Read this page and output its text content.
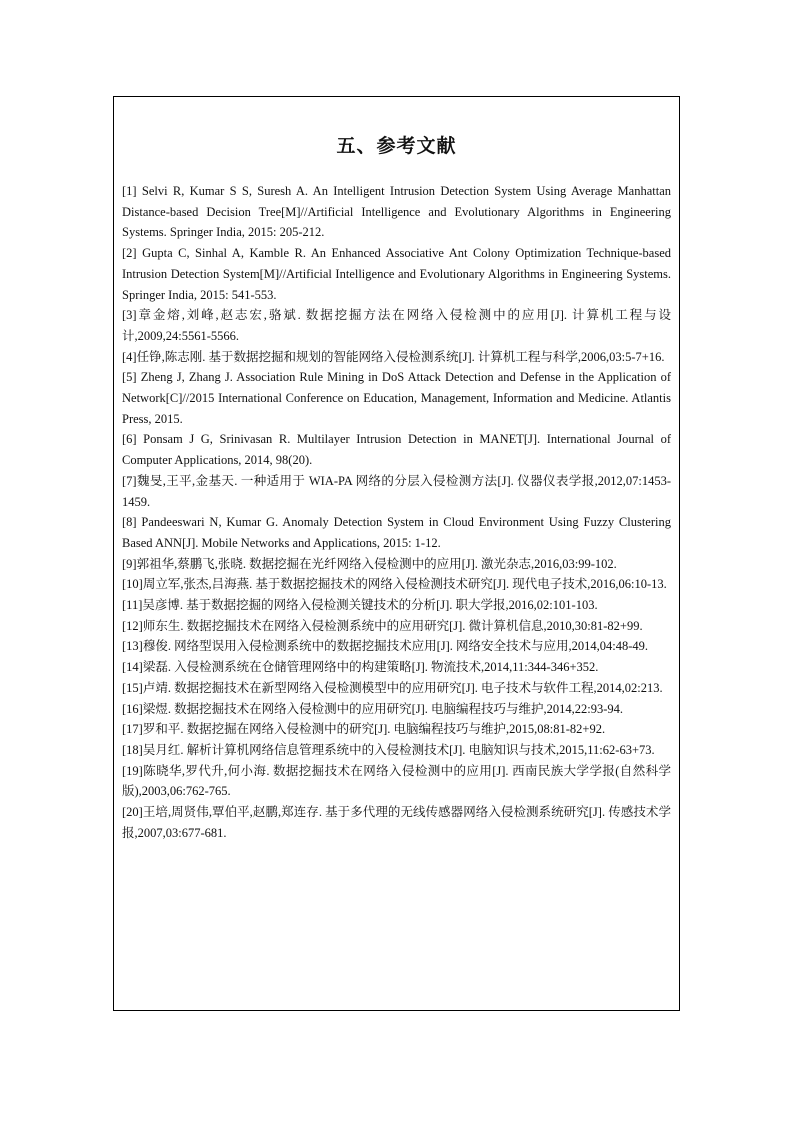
五、参考文献
[1] Selvi R, Kumar S S, Suresh A. An Intelligent Intrusion Detection System Using Average Manhattan Distance-based Decision Tree[M]//Artificial Intelligence and Evolutionary Algorithms in Engineering Systems. Springer India, 2015: 205-212.
[2] Gupta C, Sinhal A, Kamble R. An Enhanced Associative Ant Colony Optimization Technique-based Intrusion Detection System[M]//Artificial Intelligence and Evolutionary Algorithms in Engineering Systems. Springer India, 2015: 541-553.
[3]章金熔,刘峰,赵志宏,骆斌. 数据挖掘方法在网络入侵检测中的应用[J]. 计算机工程与设计,2009,24:5561-5566.
[4]任铮,陈志刚. 基于数据挖掘和规划的智能网络入侵检测系统[J]. 计算机工程与科学,2006,03:5-7+16.
[5] Zheng J, Zhang J. Association Rule Mining in DoS Attack Detection and Defense in the Application of Network[C]//2015 International Conference on Education, Management, Information and Medicine. Atlantis Press, 2015.
[6] Ponsam J G, Srinivasan R. Multilayer Intrusion Detection in MANET[J]. International Journal of Computer Applications, 2014, 98(20).
[7]魏旻,王平,金基天. 一种适用于 WIA-PA 网络的分层入侵检测方法[J]. 仪器仪表学报,2012,07:1453-1459.
[8] Pandeeswari N, Kumar G. Anomaly Detection System in Cloud Environment Using Fuzzy Clustering Based ANN[J]. Mobile Networks and Applications, 2015: 1-12.
[9]郭祖华,蔡鹏飞,张晓. 数据挖掘在光纤网络入侵检测中的应用[J]. 激光杂志,2016,03:99-102.
[10]周立军,张杰,吕海燕. 基于数据挖掘技术的网络入侵检测技术研究[J]. 现代电子技术,2016,06:10-13.
[11]吴彦博. 基于数据挖掘的网络入侵检测关键技术的分析[J]. 职大学报,2016,02:101-103.
[12]师东生. 数据挖掘技术在网络入侵检测系统中的应用研究[J]. 微计算机信息,2010,30:81-82+99.
[13]穆俊. 网络型误用入侵检测系统中的数据挖掘技术应用[J]. 网络安全技术与应用,2014,04:48-49.
[14]梁磊. 入侵检测系统在仓储管理网络中的构建策略[J]. 物流技术,2014,11:344-346+352.
[15]卢靖. 数据挖掘技术在新型网络入侵检测模型中的应用研究[J]. 电子技术与软件工程,2014,02:213.
[16]梁煜. 数据挖掘技术在网络入侵检测中的应用研究[J]. 电脑编程技巧与维护,2014,22:93-94.
[17]罗和平. 数据挖掘在网络入侵检测中的研究[J]. 电脑编程技巧与维护,2015,08:81-82+92.
[18]吴月红. 解析计算机网络信息管理系统中的入侵检测技术[J]. 电脑知识与技术,2015,11:62-63+73.
[19]陈晓华,罗代升,何小海. 数据挖掘技术在网络入侵检测中的应用[J]. 西南民族大学学报(自然科学版),2003,06:762-765.
[20]王培,周贤伟,覃伯平,赵鹏,郑连存. 基于多代理的无线传感器网络入侵检测系统研究[J]. 传感技术学报,2007,03:677-681.
